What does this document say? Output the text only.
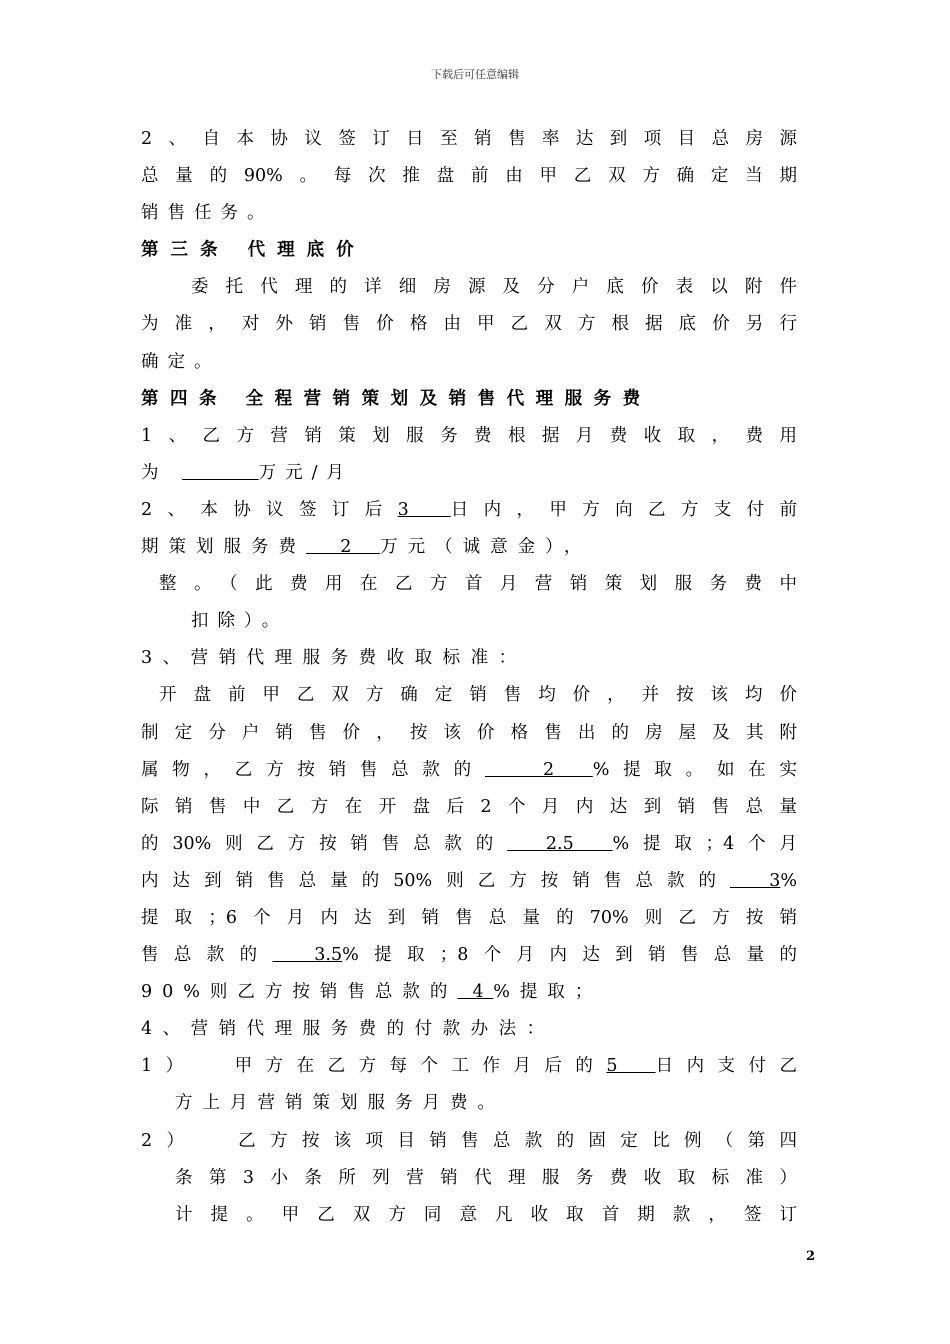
下载后可任意编辑
2、自本协议签订日至销售率达到项目总房源
总量的90%。每次推盘前由甲乙双方确定当期
销售任务。
第三条 代理底价
委托代理的详细房源及分户底价表以附件
为准，对外销售价格由甲乙双方根据底价另行
确定。
第四条 全程营销策划及销售代理服务费
1、乙方营销策划服务费根据月费收取，费用
为	万元/月
2、本协议签订后3  日内，甲方向乙方支付前
期策划服务费    2   万元（诚意金），
整。（此费用在乙方首月营销策划服务费中
扣除）。
3、营销代理服务费收取标准：
开盘前甲乙双方确定销售均价，并按该均价
制定分户销售价，按该价格售出的房屋及其附
属物，乙方按销售总款的   2  %提取。如在实
际销售中乙方在开盘后2个月内达到销售总量
的30%则乙方按销售总款的  2.5  %提取；4个月
内达到销售总量的50%则乙方按销售总款的  3%
提取；6个月内达到销售总量的70%则乙方按销
售总款的  3.5%提取；8个月内达到销售总量的
90%则乙方按销售总款的  4 %提取；
4、营销代理服务费的付款办法：
1）  甲方在乙方每个工作月后的5  日内支付乙
方上月营销策划服务月费。
2）  乙方按该项目销售总款的固定比例（第四
条第3小条所列营销代理服务费收取标准）
计提。甲乙双方同意凡收取首期款，签订
2
